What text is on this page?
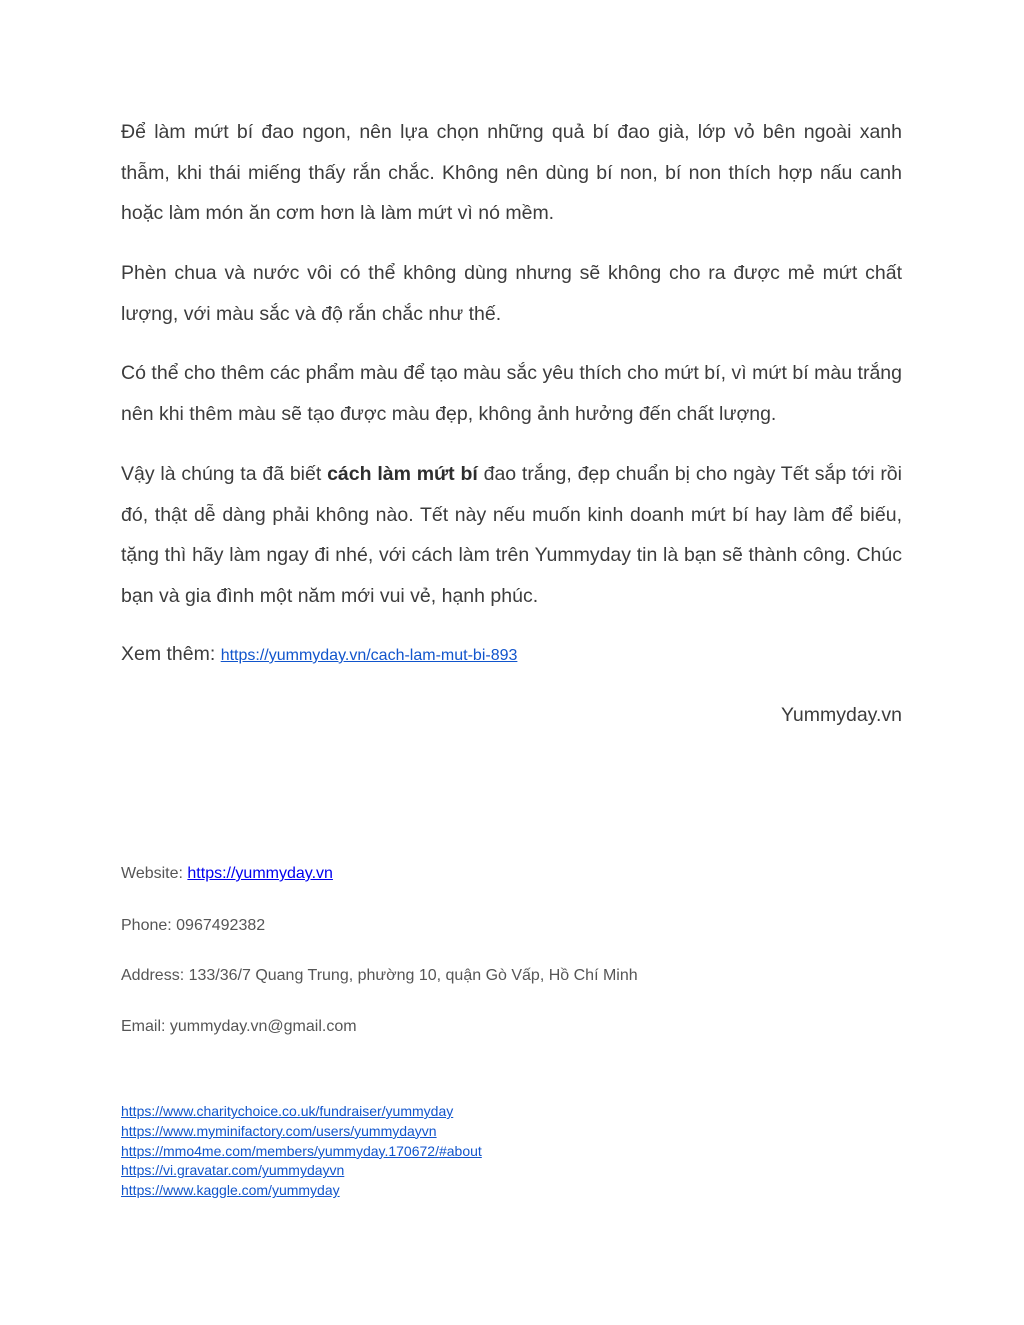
Để làm mứt bí đao ngon, nên lựa chọn những quả bí đao già, lớp vỏ bên ngoài xanh thẫm, khi thái miếng thấy rắn chắc. Không nên dùng bí non, bí non thích hợp nấu canh hoặc làm món ăn cơm hơn là làm mứt vì nó mềm.

Phèn chua và nước vôi có thể không dùng nhưng sẽ không cho ra được mẻ mứt chất lượng, với màu sắc và độ rắn chắc như thế.

Có thể cho thêm các phẩm màu để tạo màu sắc yêu thích cho mứt bí, vì mứt bí màu trắng nên khi thêm màu sẽ tạo được màu đẹp, không ảnh hưởng đến chất lượng.

Vậy là chúng ta đã biết cách làm mứt bí đao trắng, đẹp chuẩn bị cho ngày Tết sắp tới rồi đó, thật dễ dàng phải không nào. Tết này nếu muốn kinh doanh mứt bí hay làm để biếu, tặng thì hãy làm ngay đi nhé, với cách làm trên Yummyday tin là bạn sẽ thành công. Chúc bạn và gia đình một năm mới vui vẻ, hạnh phúc.

Xem thêm: https://yummyday.vn/cach-lam-mut-bi-893
Yummyday.vn
Website: https://yummyday.vn
Phone: 0967492382
Address: 133/36/7 Quang Trung, phường 10, quận Gò Vấp, Hồ Chí Minh
Email: yummyday.vn@gmail.com
https://www.charitychoice.co.uk/fundraiser/yummyday
https://www.myminifactory.com/users/yummydayvn
https://mmo4me.com/members/yummyday.170672/#about
https://vi.gravatar.com/yummydayvn
https://www.kaggle.com/yummyday
